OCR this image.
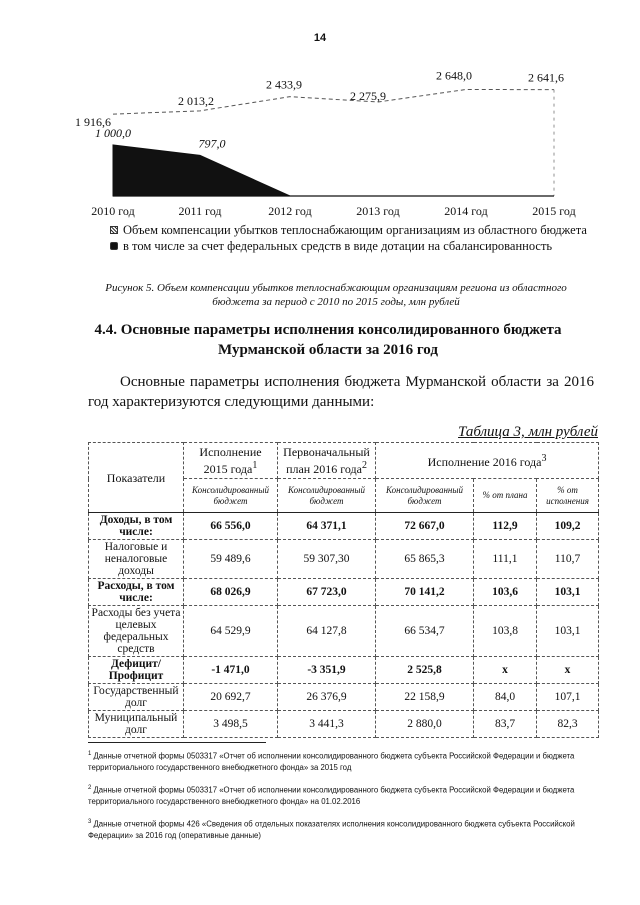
14
2010 год	2011 год	2012 год	2013 год	2014 год	2015 год
1 916,6
2 013,2
2 433,9
2 275,9
2 648,0	2 641,6
1 000,0
797,0
Объем компенсации убытков теплоснабжающим организациям из областного бюджета
в том числе за счет федеральных средств в виде дотации на сбалансированность
Рисунок 5. Объем компенсации убытков теплоснабжающим организациям региона из областного бюджета за период с 2010 по 2015 годы, млн рублей
4.4. Основные параметры исполнения консолидированного бюджета
Мурманской области за 2016 год
Основные параметры исполнения бюджета Мурманской области за 2016 год характеризуются следующими данными:
Таблица 3, млн рублей
Показатели	Исполнение 2015 года$^1$	Первоначальный план 2016 года$^2$	Исполнение 2016 года$^3$
	Консолидированный бюджет	Консолидированный бюджет	Консолидированный бюджет	% от плана	% от исполнения
Доходы, в том числе:	66 556,0	64 371,1	72 667,0	112,9	109,2
Налоговые и неналоговые доходы	59 489,6	59 307,30	65 865,3	111,1	110,7
Расходы, в том числе:	68 026,9	67 723,0	70 141,2	103,6	103,1
Расходы без учета целевых федеральных средств	64 529,9	64 127,8	66 534,7	103,8	103,1
Дефицит/ Профицит	-1 471,0	-3 351,9	2 525,8	х	х
Государственный долг	20 692,7	26 376,9	22 158,9	84,0	107,1
Муниципальный долг	3 498,5	3 441,3	2 880,0	83,7	82,3
$^1$ Данные отчетной формы 0503317 «Отчет об исполнении консолидированного бюджета субъекта Российской Федерации и бюджета территориального государственного внебюджетного фонда» за 2015 год
$^2$ Данные отчетной формы 0503317 «Отчет об исполнении консолидированного бюджета субъекта Российской Федерации и бюджета территориального государственного внебюджетного фонда» на 01.02.2016
$^3$ Данные отчетной формы 426 «Сведения об отдельных показателях исполнения консолидированного бюджета субъекта Российской Федерации» за 2016 год (оперативные данные)
